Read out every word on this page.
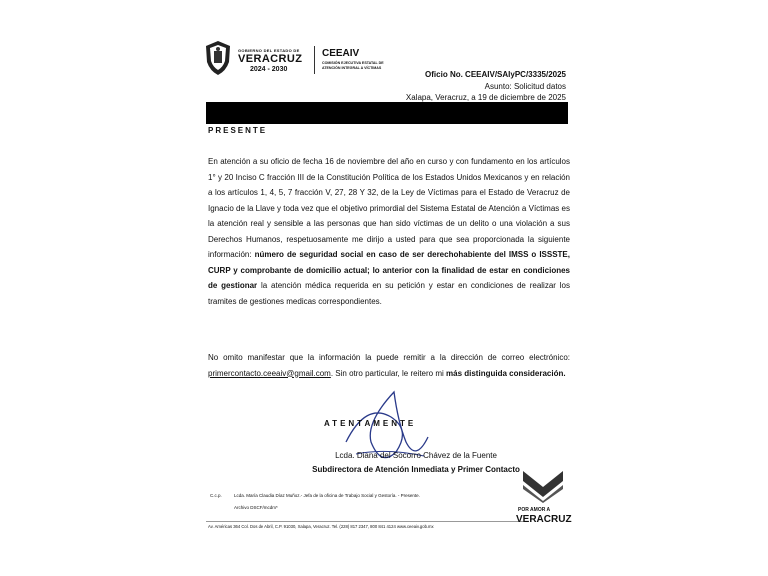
GOBIERNO DEL ESTADO DE
VERACRUZ
2024 - 2030
CEEAIV
COMISIÓN EJECUTIVA ESTATAL DE
ATENCIÓN INTEGRAL A VÍCTIMAS
Oficio No. CEEAIV/SAIyPC/3335/2025
Asunto: Solicitud datos
Xalapa, Veracruz, a 19 de diciembre de 2025
PRESENTE
En atención a su oficio de fecha 16 de noviembre del año en curso y con fundamento en los artículos 1° y 20 Inciso C fracción III de la Constitución Política de los Estados Unidos Mexicanos y en relación a los artículos 1, 4, 5, 7 fracción V, 27, 28 Y 32, de la Ley de Víctimas para el Estado de Veracruz de Ignacio de la Llave y toda vez que el objetivo primordial del Sistema Estatal de Atención a Víctimas es la atención real y sensible a las personas que han sido víctimas de un delito o una violación a sus Derechos Humanos, respetuosamente me dirijo a usted para que sea proporcionada la siguiente información: número de seguridad social en caso de ser derechohabiente del IMSS o ISSSTE, CURP y comprobante de domicilio actual; lo anterior con la finalidad de estar en condiciones de gestionar la atención médica requerida en su petición y estar en condiciones de realizar los tramites de gestiones medicas correspondientes.
No omito manifestar que la información la puede remitir a la dirección de correo electrónico: primercontacto.ceeaiv@gmail.com. Sin otro particular, le reitero mi más distinguida consideración.
ATENTAMENTE
Lcda. Diana del Socorro Chávez de la Fuente
Subdirectora de Atención Inmediata y Primer Contacto
C.c.p.	Lcda. María Claudia Díaz Muñoz.- Jefa de la oficina de Trabajo Social y Gestoría. - Presente.
Archivo DSCF/mcdm*
Av. Américas 364 Col. Dos de Abril, C.P. 91030, Xalapa, Veracruz. Tel. (228) 817 2347, 800 841 4124 www.ceeaiv.gob.mx
POR AMOR A
VERACRUZ
